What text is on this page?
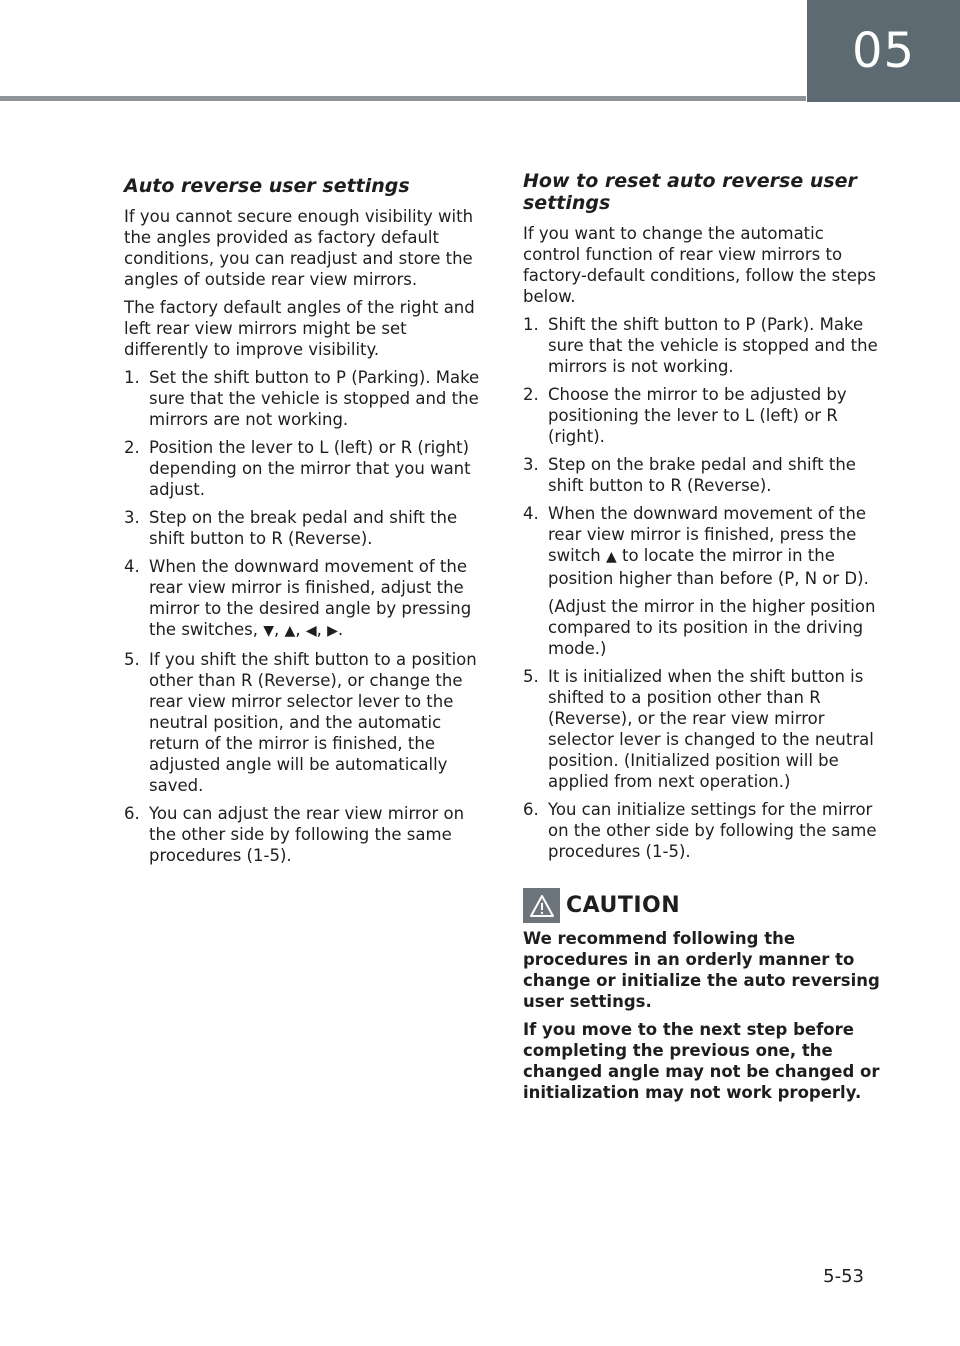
05
Auto reverse user settings

If you cannot secure enough visibility with the angles provided as factory default conditions, you can readjust and store the angles of outside rear view mirrors.

The factory default angles of the right and left rear view mirrors might be set differently to improve visibility.

1. Set the shift button to P (Parking). Make sure that the vehicle is stopped and the mirrors are not working.
2. Position the lever to L (left) or R (right) depending on the mirror that you want adjust.
3. Step on the break pedal and shift the shift button to R (Reverse).
4. When the downward movement of the rear view mirror is finished, adjust the mirror to the desired angle by pressing the switches, ▼, ▲, ◀, ▶.
5. If you shift the shift button to a position other than R (Reverse), or change the rear view mirror selector lever to the neutral position, and the automatic return of the mirror is finished, the adjusted angle will be automatically saved.
6. You can adjust the rear view mirror on the other side by following the same procedures (1-5).
How to reset auto reverse user settings

If you want to change the automatic control function of rear view mirrors to factory-default conditions, follow the steps below.

1. Shift the shift button to P (Park). Make sure that the vehicle is stopped and the mirrors is not working.
2. Choose the mirror to be adjusted by positioning the lever to L (left) or R (right).
3. Step on the brake pedal and shift the shift button to R (Reverse).
4. When the downward movement of the rear view mirror is finished, press the switch ▲ to locate the mirror in the position higher than before (P, N or D).
(Adjust the mirror in the higher position compared to its position in the driving mode.)
5. It is initialized when the shift button is shifted to a position other than R (Reverse), or the rear view mirror selector lever is changed to the neutral position. (Initialized position will be applied from next operation.)
6. You can initialize settings for the mirror on the other side by following the same procedures (1-5).
CAUTION

We recommend following the procedures in an orderly manner to change or initialize the auto reversing user settings.

If you move to the next step before completing the previous one, the changed angle may not be changed or initialization may not work properly.

5-53
